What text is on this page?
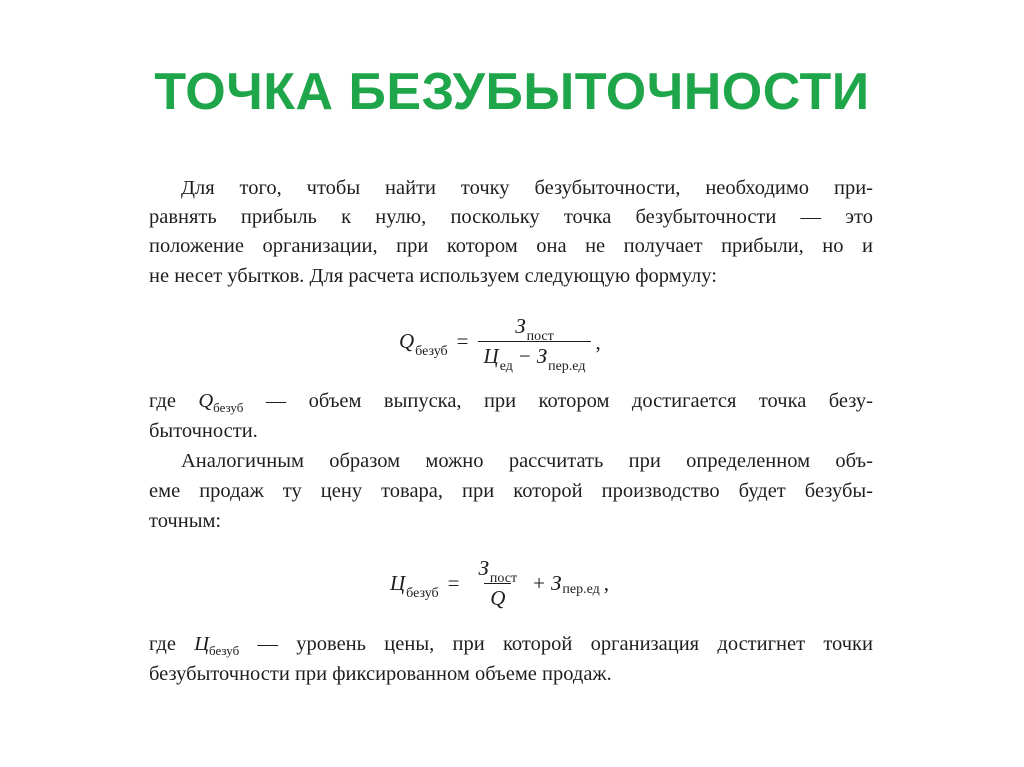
ТОЧКА БЕЗУБЫТОЧНОСТИ
Для того, чтобы найти точку безубыточности, необходимо при-
равнять прибыль к нулю, поскольку точка безубыточности — это
положение организации, при котором она не получает прибыли, но и
не несет убытков. Для расчета используем следующую формулу:
$Q_{безуб} = \frac{З_{пост}}{Ц_{ед} - З_{пер.ед}}$ ,
где $Q_{безуб}$ — объем выпуска, при котором достигается точка безу-
быточности.
Аналогичным образом можно рассчитать при определенном объ-
еме продаж ту цену товара, при которой производство будет безубы-
точным:
$Ц_{безуб} = \frac{З_{пост}}{Q} + З$ пер.ед ,
где $Ц_{безуб}$ — уровень цены, при которой организация достигнет точки
безубыточности при фиксированном объеме продаж.
